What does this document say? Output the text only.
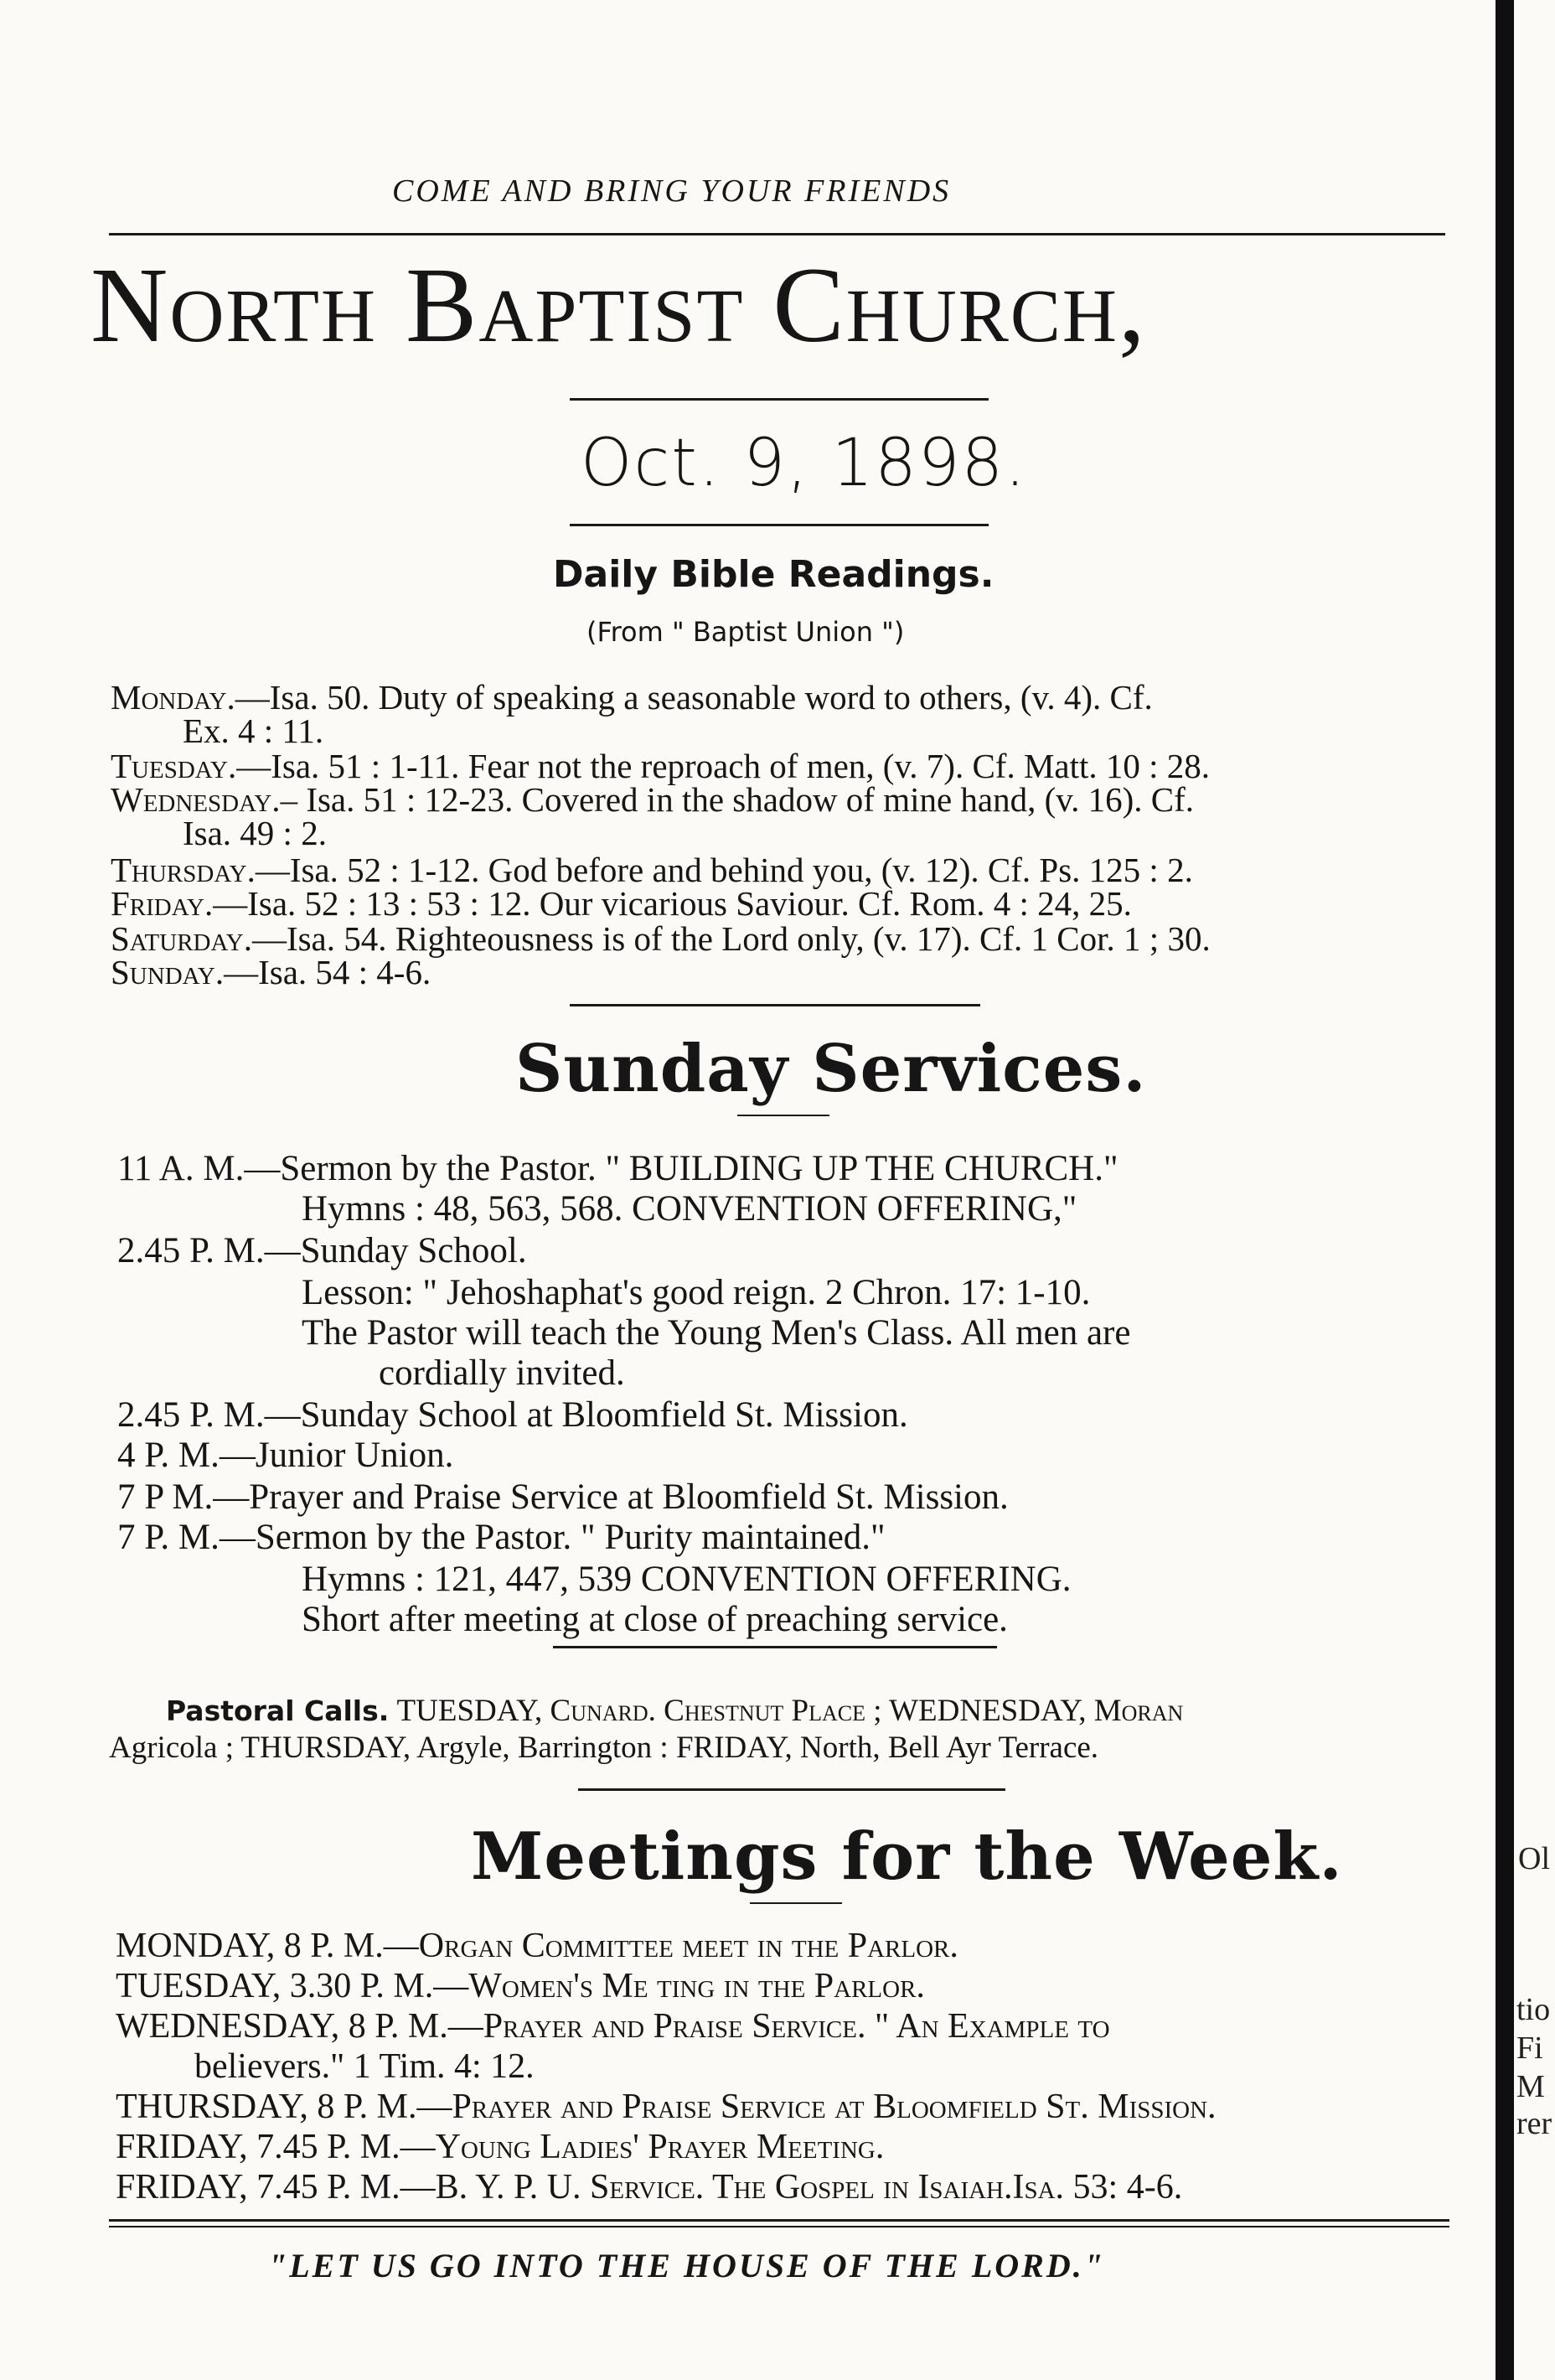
COME AND BRING YOUR FRIENDS
North Baptist Church,
Oct. 9, 1898.
Daily Bible Readings.
(From " Baptist Union ")
Monday.—Isa. 50. Duty of speaking a seasonable word to others, (v. 4). Cf.
Ex. 4 : 11.
Tuesday.—Isa. 51 : 1-11. Fear not the reproach of men, (v. 7). Cf. Matt. 10 : 28.
Wednesday.– Isa. 51 : 12-23. Covered in the shadow of mine hand, (v. 16). Cf.
Isa. 49 : 2.
Thursday.—Isa. 52 : 1-12. God before and behind you, (v. 12). Cf. Ps. 125 : 2.
Friday.—Isa. 52 : 13 : 53 : 12. Our vicarious Saviour. Cf. Rom. 4 : 24, 25.
Saturday.—Isa. 54. Righteousness is of the Lord only, (v. 17). Cf. 1 Cor. 1 ; 30.
Sunday.—Isa. 54 : 4-6.
Sunday Services.
11 A. M.—Sermon by the Pastor. " BUILDING UP THE CHURCH."
Hymns : 48, 563, 568. CONVENTION OFFERING,"
2.45 P. M.—Sunday School.
Lesson: " Jehoshaphat's good reign. 2 Chron. 17: 1-10.
The Pastor will teach the Young Men's Class. All men are
cordially invited.
2.45 P. M.—Sunday School at Bloomfield St. Mission.
4 P. M.—Junior Union.
7 P M.—Prayer and Praise Service at Bloomfield St. Mission.
7 P. M.—Sermon by the Pastor. " Purity maintained."
Hymns : 121, 447, 539 CONVENTION OFFERING.
Short after meeting at close of preaching service.
Pastoral Calls. TUESDAY, Cunard. Chestnut Place ; WEDNESDAY, Moran
Agricola ; THURSDAY, Argyle, Barrington : FRIDAY, North, Bell Ayr Terrace.
Meetings for the Week.
MONDAY, 8 P. M.—Organ Committee meet in the Parlor.
TUESDAY, 3.30 P. M.—Women's Me ting in the Parlor.
WEDNESDAY, 8 P. M.—Prayer and Praise Service. " An Example to
believers." 1 Tim. 4: 12.
THURSDAY, 8 P. M.—Prayer and Praise Service at Bloomfield St. Mission.
FRIDAY, 7.45 P. M.—Young Ladies' Prayer Meeting.
FRIDAY, 7.45 P. M.—B. Y. P. U. Service. The Gospel in Isaiah.Isa. 53: 4-6.
"LET US GO INTO THE HOUSE OF THE LORD."
Ol
tio
Fi
M
rer
